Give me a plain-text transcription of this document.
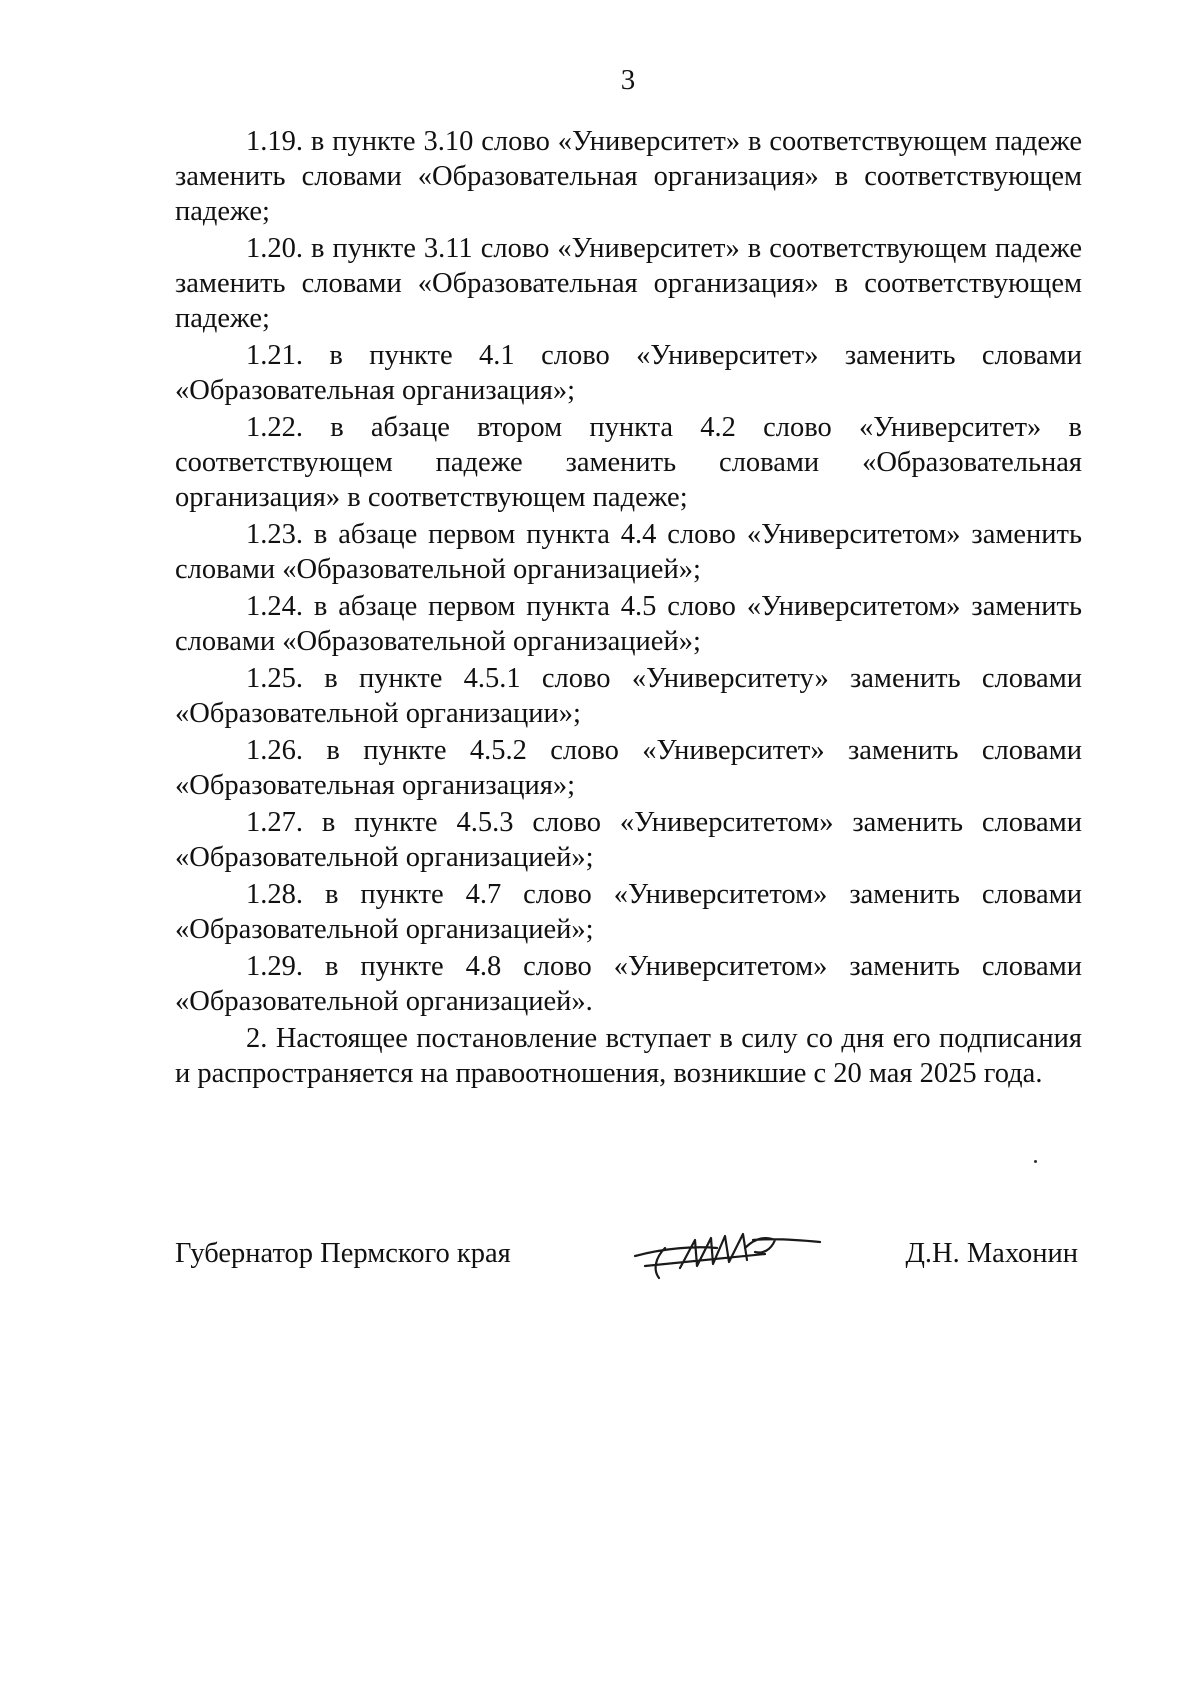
3

1.19. в пункте 3.10 слово «Университет» в соответствующем падеже заменить словами «Образовательная организация» в соответствующем падеже;

1.20. в пункте 3.11 слово «Университет» в соответствующем падеже заменить словами «Образовательная организация» в соответствующем падеже;

1.21. в пункте 4.1 слово «Университет» заменить словами «Образовательная организация»;

1.22. в абзаце втором пункта 4.2 слово «Университет» в соответствующем падеже заменить словами «Образовательная организация» в соответствующем падеже;

1.23. в абзаце первом пункта 4.4 слово «Университетом» заменить словами «Образовательной организацией»;

1.24. в абзаце первом пункта 4.5 слово «Университетом» заменить словами «Образовательной организацией»;

1.25. в пункте 4.5.1 слово «Университету» заменить словами «Образовательной организации»;

1.26. в пункте 4.5.2 слово «Университет» заменить словами «Образовательная организация»;

1.27. в пункте 4.5.3 слово «Университетом» заменить словами «Образовательной организацией»;

1.28. в пункте 4.7 слово «Университетом» заменить словами «Образовательной организацией»;

1.29. в пункте 4.8 слово «Университетом» заменить словами «Образовательной организацией».

2. Настоящее постановление вступает в силу со дня его подписания и распространяется на правоотношения, возникшие с 20 мая 2025 года.

Губернатор Пермского края	Д.Н. Махонин
